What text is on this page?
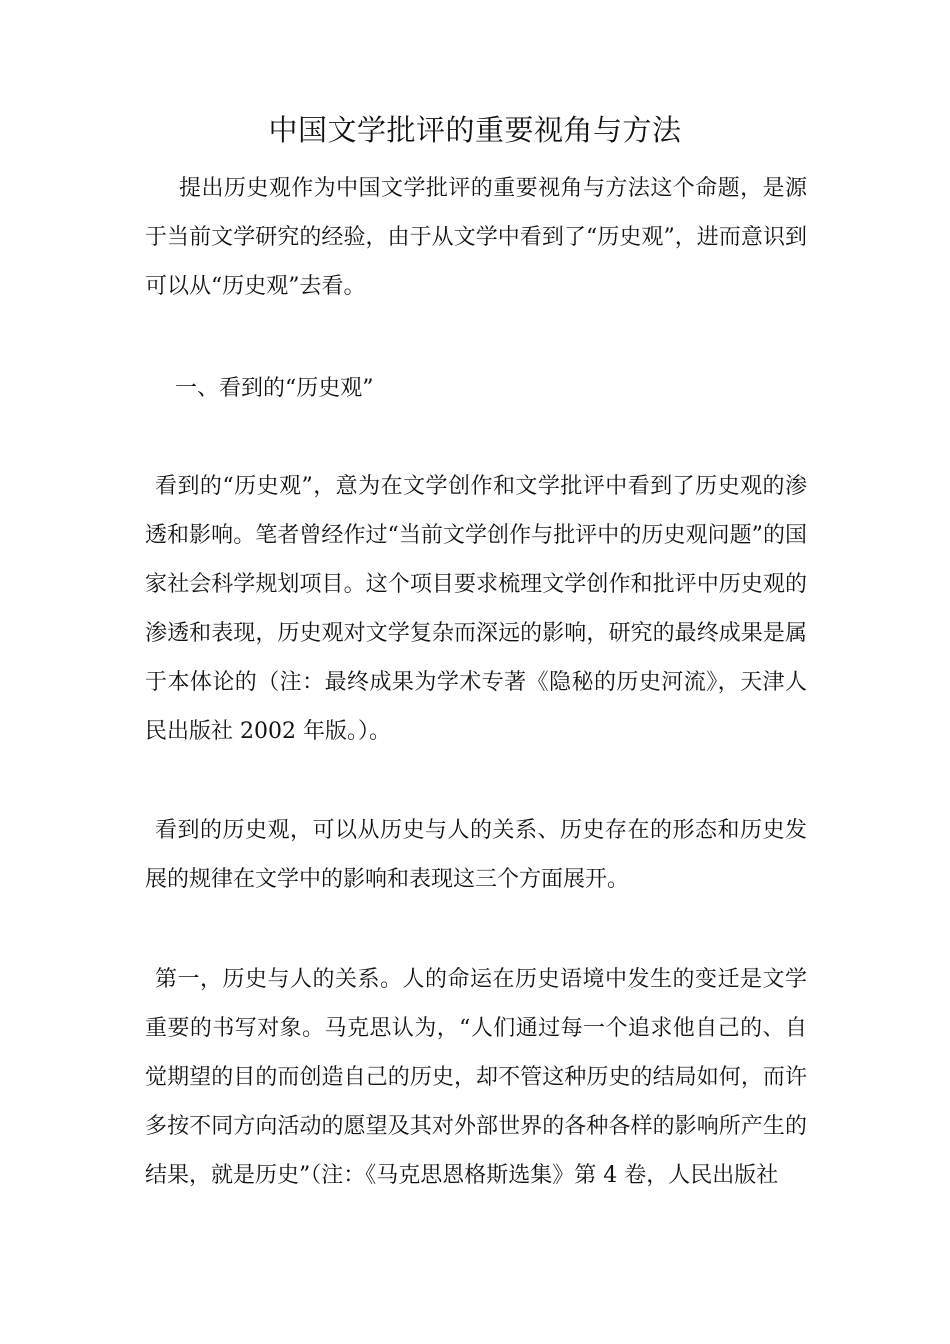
中国文学批评的重要视角与方法

提出历史观作为中国文学批评的重要视角与方法这个命题，是源于当前文学研究的经验，由于从文学中看到了“历史观”，进而意识到可以从“历史观”去看。

一、看到的“历史观”

看到的“历史观”，意为在文学创作和文学批评中看到了历史观的渗透和影响。笔者曾经作过“当前文学创作与批评中的历史观问题”的国家社会科学规划项目。这个项目要求梳理文学创作和批评中历史观的渗透和表现，历史观对文学复杂而深远的影响，研究的最终成果是属于本体论的（注：最终成果为学术专著《隐秘的历史河流》，天津人民出版社 2002 年版。）。

看到的历史观，可以从历史与人的关系、历史存在的形态和历史发展的规律在文学中的影响和表现这三个方面展开。

第一，历史与人的关系。人的命运在历史语境中发生的变迁是文学重要的书写对象。马克思认为，“人们通过每一个追求他自己的、自觉期望的目的而创造自己的历史，却不管这种历史的结局如何，而许多按不同方向活动的愿望及其对外部世界的各种各样的影响所产生的结果，就是历史”（注：《马克思恩格斯选集》第 4 卷，人民出版社
